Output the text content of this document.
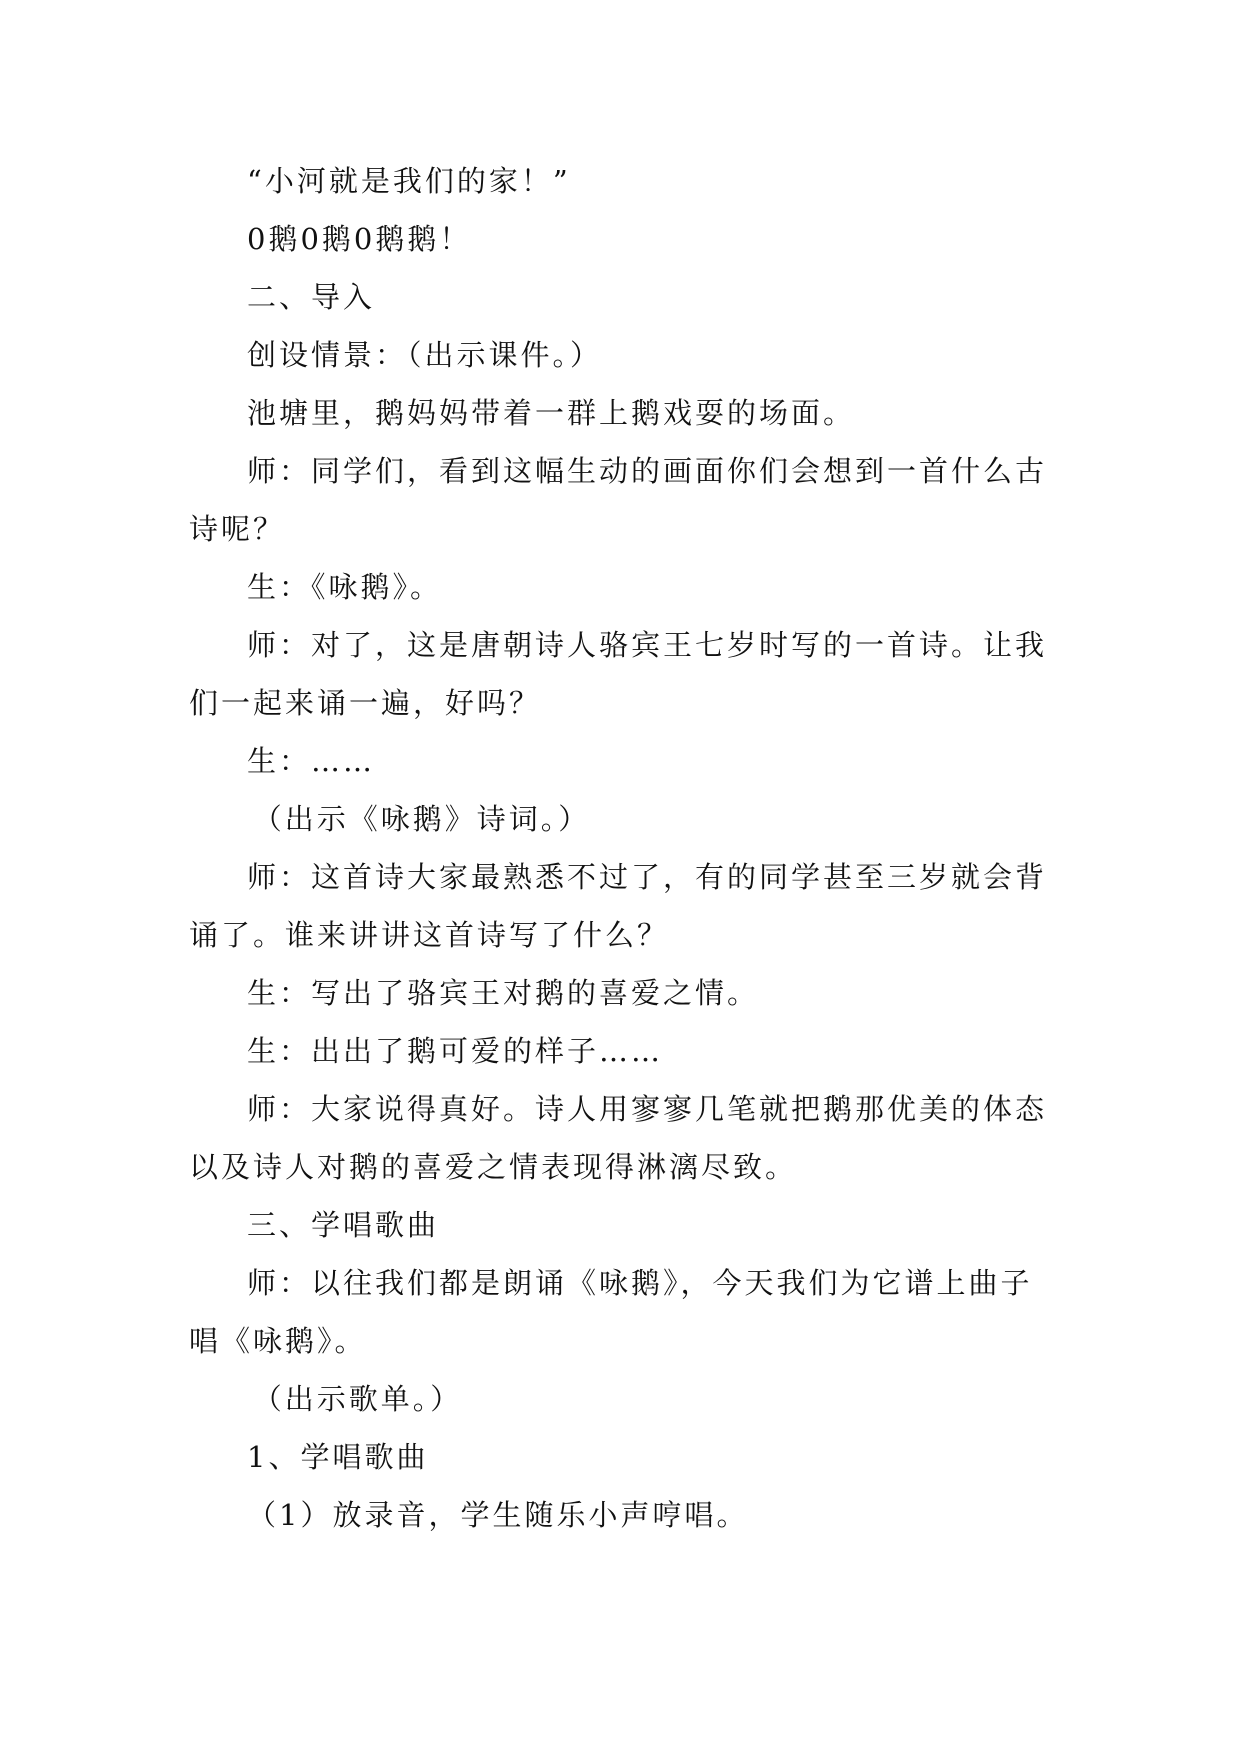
“小河就是我们的家！”

0鹅0鹅0鹅鹅！

二、导入

创设情景：（出示课件。）

池塘里，鹅妈妈带着一群上鹅戏耍的场面。

师：同学们，看到这幅生动的画面你们会想到一首什么古诗呢？

生：《咏鹅》。

师：对了，这是唐朝诗人骆宾王七岁时写的一首诗。让我们一起来诵一遍，好吗？

生：……

（出示《咏鹅》诗词。）

师：这首诗大家最熟悉不过了，有的同学甚至三岁就会背诵了。谁来讲讲这首诗写了什么？

生：写出了骆宾王对鹅的喜爱之情。

生：出出了鹅可爱的样子……

师：大家说得真好。诗人用寥寥几笔就把鹅那优美的体态以及诗人对鹅的喜爱之情表现得淋漓尽致。

三、学唱歌曲

师：以往我们都是朗诵《咏鹅》，今天我们为它谱上曲子唱《咏鹅》。

（出示歌单。）

1、学唱歌曲

（1）放录音，学生随乐小声哼唱。
